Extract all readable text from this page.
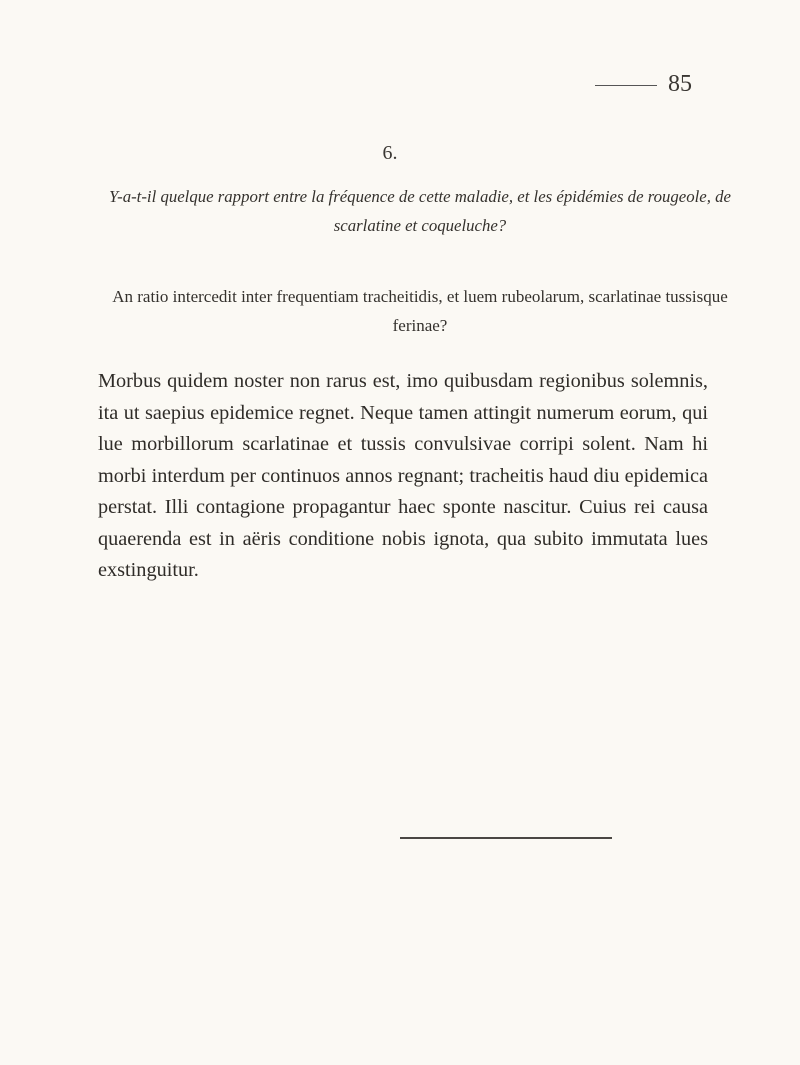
85
6.
Y-a-t-il quelque rapport entre la fréquence de cette maladie, et les épidémies de rougeole, de scarlatine et coqueluche?
An ratio intercedit inter frequentiam tracheitidis, et luem rubeolarum, scarlatinae tussisque ferinae?
Morbus quidem noster non rarus est, imo quibusdam regionibus solemnis, ita ut saepius epidemice regnet. Neque tamen attingit numerum eorum, qui lue morbillorum scarlatinae et tussis convulsivae corripi solent. Nam hi morbi interdum per continuos annos regnant; tracheitis haud diu epidemica perstat. Illi contagione propagantur haec sponte nascitur. Cuius rei causa quaerenda est in aëris conditione nobis ignota, qua subito immutata lues exstinguitur.
